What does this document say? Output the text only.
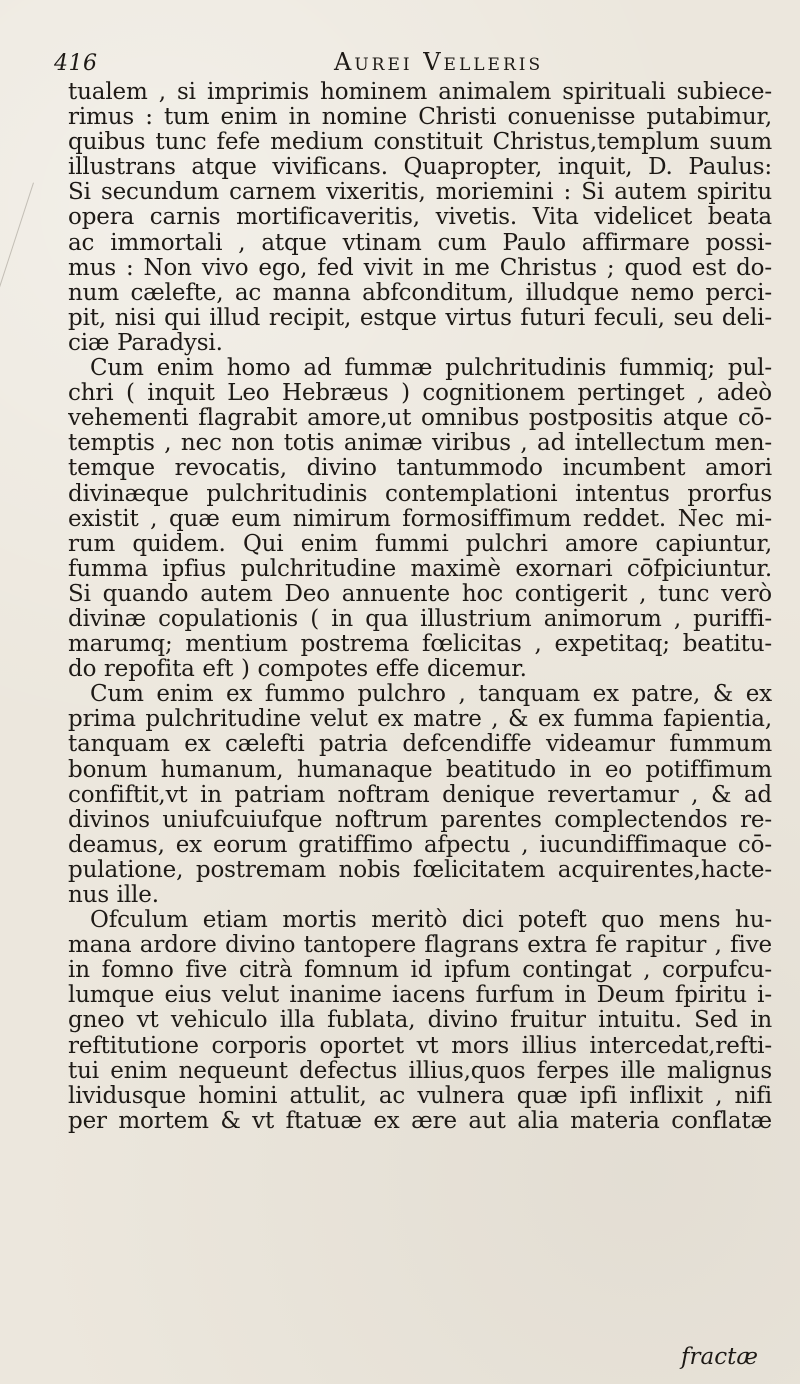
416	Aurei Velleris
tualem , si imprimis hominem animalem spirituali subiece-
rimus : tum enim in nomine Christi conuenisse putabimur,
quibus tunc fefe medium constituit Christus,templum suum
illustrans atque vivificans. Quapropter, inquit, D. Paulus:
Si secundum carnem vixeritis, moriemini : Si autem spiritu
opera carnis mortificaveritis, vivetis. Vita videlicet beata
ac immortali , atque vtinam cum Paulo affirmare possi-
mus : Non vivo ego, fed vivit in me Christus ; quod est do-
num cælefte, ac manna abfconditum, illudque nemo perci-
pit, nisi qui illud recipit, estque virtus futuri feculi, seu deli-
ciæ Paradysi.
Cum enim homo ad fummæ pulchritudinis fummiq; pul-
chri ( inquit Leo Hebræus ) cognitionem pertinget , adeò
vehementi flagrabit amore,ut omnibus postpositis atque cō-
temptis , nec non totis animæ viribus , ad intellectum men-
temque revocatis, divino tantummodo incumbent amori
divinæque pulchritudinis contemplationi intentus prorfus
existit , quæ eum nimirum formosiffimum reddet. Nec mi-
rum quidem. Qui enim fummi pulchri amore capiuntur,
fumma ipfius pulchritudine maximè exornari cōfpiciuntur.
Si quando autem Deo annuente hoc contigerit , tunc verò
divinæ copulationis ( in qua illustrium animorum , puriffi-
marumq; mentium postrema fœlicitas , expetitaq; beatitu-
do repofita eft ) compotes effe dicemur.
Cum enim ex fummo pulchro , tanquam ex patre, & ex
prima pulchritudine velut ex matre , & ex fumma fapientia,
tanquam ex cælefti patria defcendiffe videamur fummum
bonum humanum, humanaque beatitudo in eo potiffimum
confiftit,vt in patriam noftram denique revertamur , & ad
divinos uniufcuiufque noftrum parentes complectendos re-
deamus, ex eorum gratiffimo afpectu , iucundiffimaque cō-
pulatione, postremam nobis fœlicitatem acquirentes,hacte-
nus ille.
Ofculum etiam mortis meritò dici poteft quo mens hu-
mana ardore divino tantopere flagrans extra fe rapitur , five
in fomno five citrà fomnum id ipfum contingat , corpufcu-
lumque eius velut inanime iacens furfum in Deum fpiritu i-
gneo vt vehiculo illa fublata, divino fruitur intuitu. Sed in
reftitutione corporis oportet vt mors illius intercedat,refti-
tui enim nequeunt defectus illius,quos ferpes ille malignus
lividusque homini attulit, ac vulnera quæ ipfi inflixit , nifi
per mortem & vt ftatuæ ex ære aut alia materia conflatæ
fractæ
